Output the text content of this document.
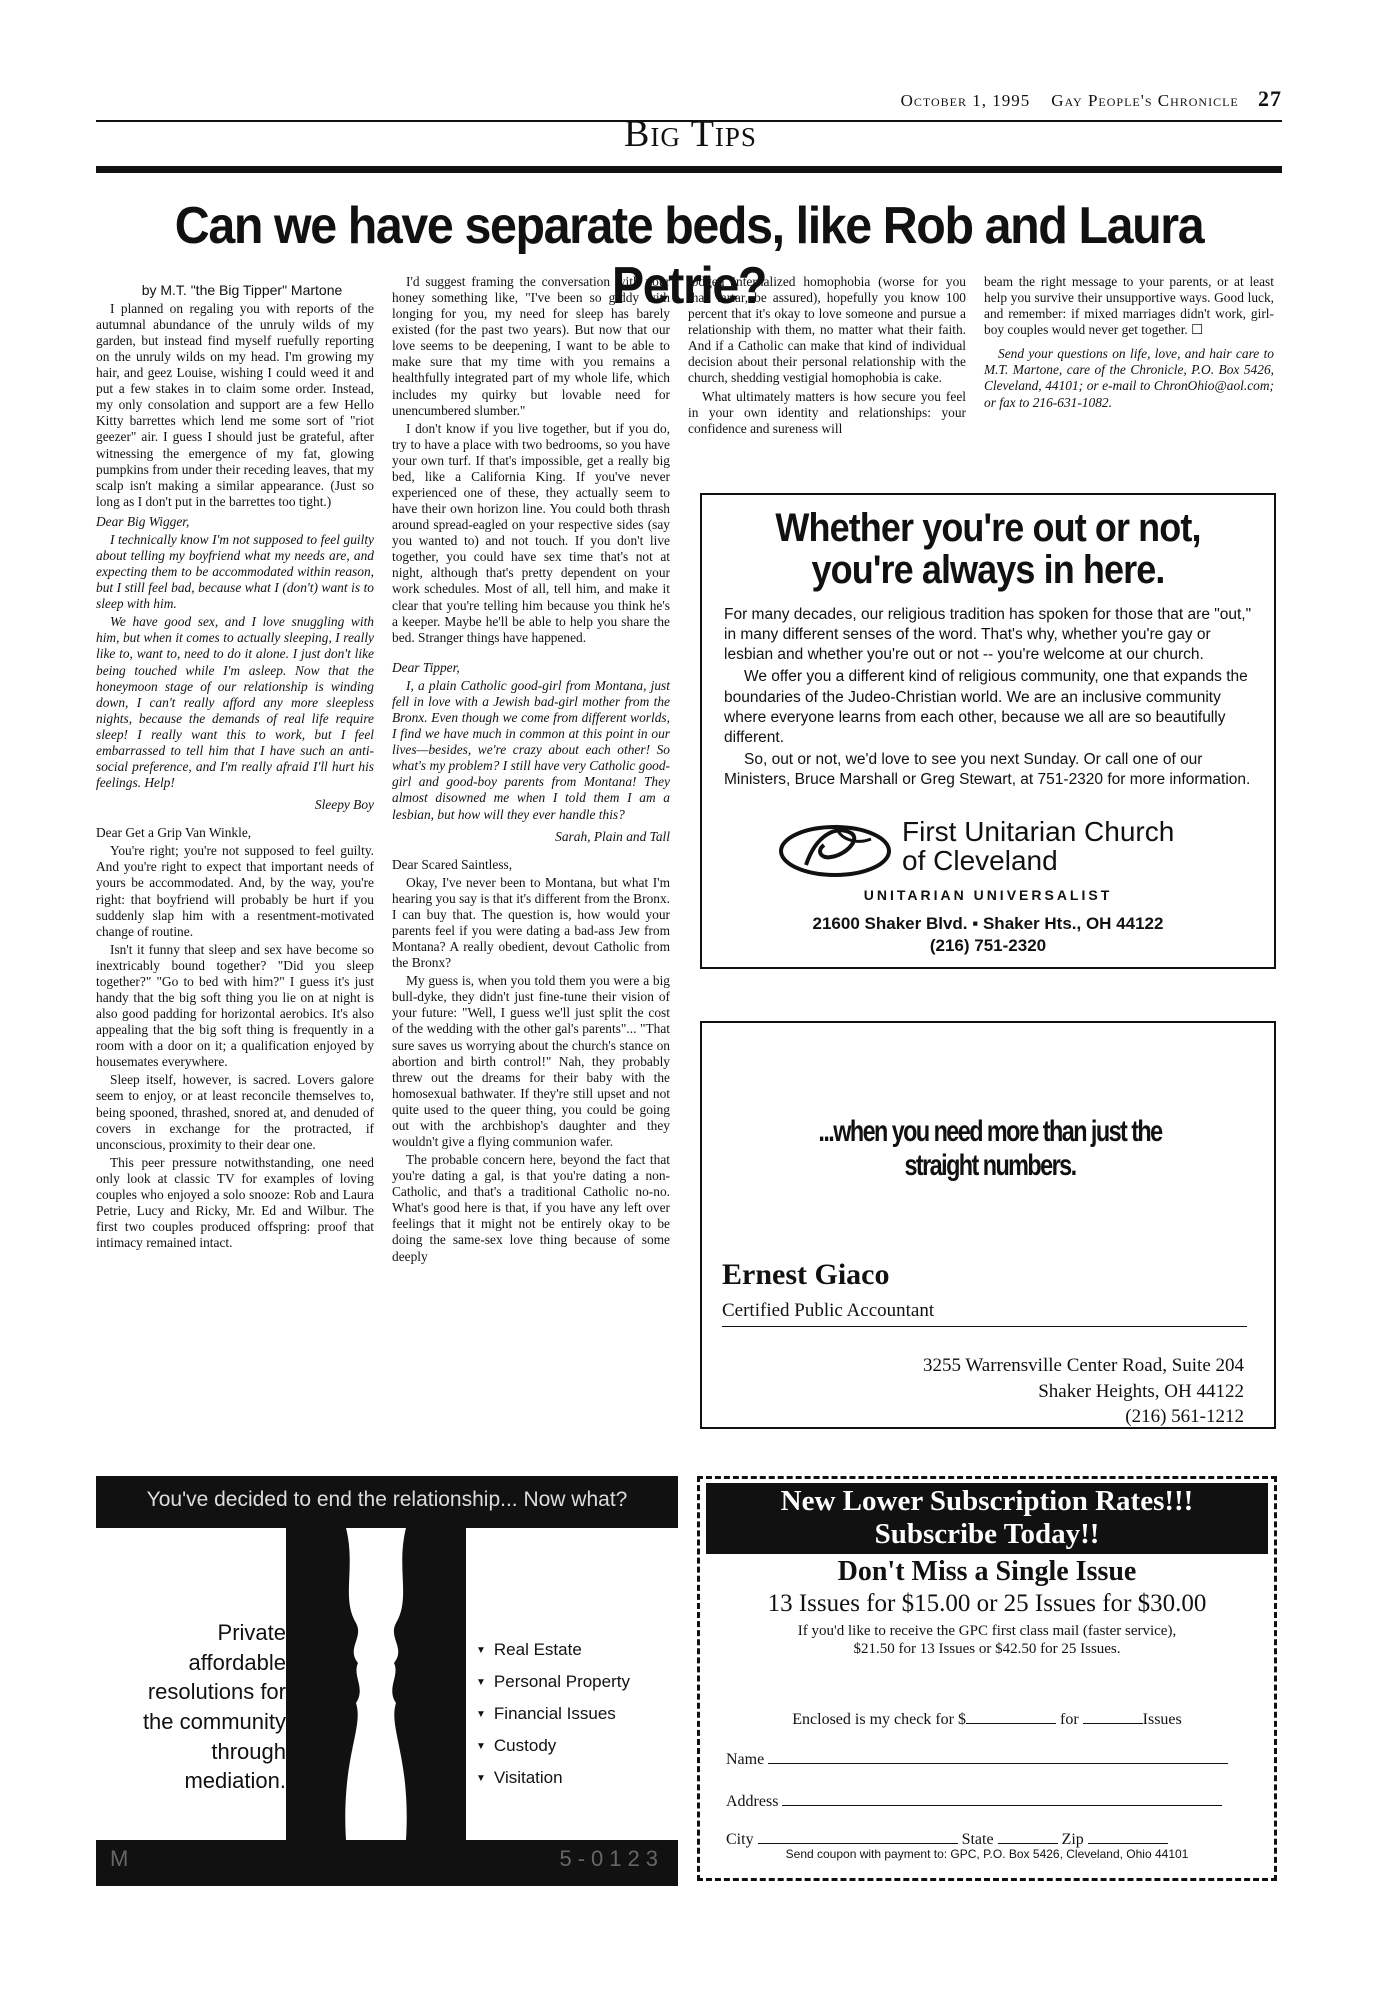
October 1, 1995 Gay People's Chronicle 27
Big Tips
Can we have separate beds, like Rob and Laura Petrie?

by M.T. "the Big Tipper" Martone

I planned on regaling you with reports of the autumnal abundance of the unruly wilds of my garden, but instead find myself ruefully reporting on the unruly wilds on my head. I'm growing my hair, and geez Louise, wishing I could weed it and put a few stakes in to claim some order. Instead, my only consolation and support are a few Hello Kitty barrettes which lend me some sort of "riot geezer" air. I guess I should just be grateful, after witnessing the emergence of my fat, glowing pumpkins from under their receding leaves, that my scalp isn't making a similar appearance. (Just so long as I don't put in the barrettes too tight.)

Dear Big Wigger,

I technically know I'm not supposed to feel guilty about telling my boyfriend what my needs are, and expecting them to be accommodated within reason, but I still feel bad, because what I (don't) want is to sleep with him.

We have good sex, and I love snuggling with him, but when it comes to actually sleeping, I really like to, want to, need to do it alone. I just don't like being touched while I'm asleep. Now that the honeymoon stage of our relationship is winding down, I can't really afford any more sleepless nights, because the demands of real life require sleep! I really want this to work, but I feel embarrassed to tell him that I have such an anti-social preference, and I'm really afraid I'll hurt his feelings. Help!

Sleepy Boy

Dear Get a Grip Van Winkle,

You're right; you're not supposed to feel guilty. And you're right to expect that important needs of yours be accommodated. And, by the way, you're right: that boyfriend will probably be hurt if you suddenly slap him with a resentment-motivated change of routine.

Isn't it funny that sleep and sex have become so inextricably bound together? "Did you sleep together?" "Go to bed with him?" I guess it's just handy that the big soft thing you lie on at night is also good padding for horizontal aerobics. It's also appealing that the big soft thing is frequently in a room with a door on it; a qualification enjoyed by housemates everywhere.

Sleep itself, however, is sacred. Lovers galore seem to enjoy, or at least reconcile themselves to, being spooned, thrashed, snored at, and denuded of covers in exchange for the protracted, if unconscious, proximity to their dear one.

This peer pressure notwithstanding, one need only look at classic TV for examples of loving couples who enjoyed a solo snooze: Rob and Laura Petrie, Lucy and Ricky, Mr. Ed and Wilbur. The first two couples produced offspring: proof that intimacy remained intact.

I'd suggest framing the conversation with your honey something like, "I've been so giddy with longing for you, my need for sleep has barely existed (for the past two years). But now that our love seems to be deepening, I want to be able to make sure that my time with you remains a healthfully integrated part of my whole life, which includes my quirky but lovable need for unencumbered slumber."

I don't know if you live together, but if you do, try to have a place with two bedrooms, so you have your own turf. If that's impossible, get a really big bed, like a California King. If you've never experienced one of these, they actually seem to have their own horizon line. You could both thrash around spread-eagled on your respective sides (say you wanted to) and not touch. If you don't live together, you could have sex time that's not at night, although that's pretty dependent on your work schedules. Most of all, tell him, and make it clear that you're telling him because you think he's a keeper. Maybe he'll be able to help you share the bed. Stranger things have happened.

Dear Tipper,

I, a plain Catholic good-girl from Montana, just fell in love with a Jewish bad-girl mother from the Bronx. Even though we come from different worlds, I find we have much in common at this point in our lives—besides, we're crazy about each other! So what's my problem? I still have very Catholic good-girl and good-boy parents from Montana! They almost disowned me when I told them I am a lesbian, but how will they ever handle this?

Sarah, Plain and Tall

Dear Scared Saintless,

Okay, I've never been to Montana, but what I'm hearing you say is that it's different from the Bronx. I can buy that. The question is, how would your parents feel if you were dating a bad-ass Jew from Montana? A really obedient, devout Catholic from the Bronx?

My guess is, when you told them you were a big bull-dyke, they didn't just fine-tune their vision of your future: "Well, I guess we'll just split the cost of the wedding with the other gal's parents"... "That sure saves us worrying about the church's stance on abortion and birth control!" Nah, they probably threw out the dreams for their baby with the homosexual bathwater. If they're still upset and not quite used to the queer thing, you could be going out with the archbishop's daughter and they wouldn't give a flying communion wafer.

The probable concern here, beyond the fact that you're dating a gal, is that you're dating a non-Catholic, and that's a traditional Catholic no-no. What's good here is that, if you have any left over feelings that it might not be entirely okay to be doing the same-sex love thing because of some deeply

lodged internalized homophobia (worse for you than tartar, be assured), hopefully you know 100 percent that it's okay to love someone and pursue a relationship with them, no matter what their faith. And if a Catholic can make that kind of individual decision about their personal relationship with the church, shedding vestigial homophobia is cake.

What ultimately matters is how secure you feel in your own identity and relationships: your confidence and sureness will

beam the right message to your parents, or at least help you survive their unsupportive ways. Good luck, and remember: if mixed marriages didn't work, girl-boy couples would never get together. ☐

Send your questions on life, love, and hair care to M.T. Martone, care of the Chronicle, P.O. Box 5426, Cleveland, 44101; or e-mail to ChronOhio@aol.com; or fax to 216-631-1082.

Whether you're out or not,
you're always in here.

For many decades, our religious tradition has spoken for those that are "out," in many different senses of the word. That's why, whether you're gay or lesbian and whether you're out or not -- you're welcome at our church.

We offer you a different kind of religious community, one that expands the boundaries of the Judeo-Christian world. We are an inclusive community where everyone learns from each other, because we all are so beautifully different.

So, out or not, we'd love to see you next Sunday. Or call one of our Ministers, Bruce Marshall or Greg Stewart, at 751-2320 for more information.

First Unitarian Church
of Cleveland
UNITARIAN UNIVERSALIST
21600 Shaker Blvd. ▪ Shaker Hts., OH 44122
(216) 751-2320
...when you need more than just the straight numbers.
Ernest Giaco
Certified Public Accountant
3255 Warrensville Center Road, Suite 204
Shaker Heights, OH 44122
(216) 561-1212
You've decided to end the relationship... Now what?
Private
affordable
resolutions for
the community
through
mediation.
▼ Real Estate
▼ Personal Property
▼ Financial Issues
▼ Custody
▼ Visitation
M	5-0123
New Lower Subscription Rates!!!
Subscribe Today!!
Don't Miss a Single Issue
13 Issues for $15.00 or 25 Issues for $30.00
If you'd like to receive the GPC first class mail (faster service),
$21.50 for 13 Issues or $42.50 for 25 Issues.
Enclosed is my check for $	for	Issues
Name
Address
City	State	Zip
Send coupon with payment to: GPC, P.O. Box 5426, Cleveland, Ohio 44101
